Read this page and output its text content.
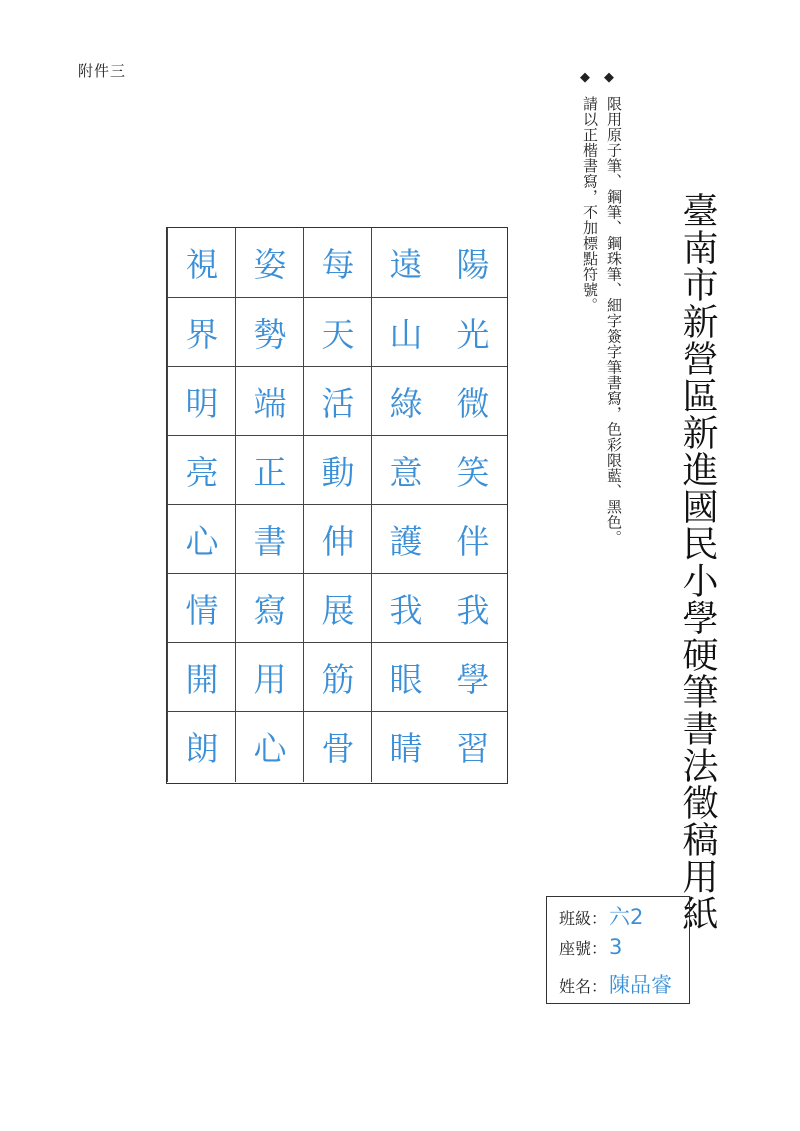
附件三	◆
◆
限用原子筆、鋼筆、鋼珠筆、細字簽字筆書寫，色彩限藍、黑色。
請以正楷書寫，不加標點符號。 臺南市新營區新進國民小學硬筆書法徵稿用紙
陽
光
微
笑
伴
我
學
習
遠
山
綠
意
護
我
眼
睛
每
天
活
動
伸
展
筋
骨
姿
勢
端
正
書
寫
用
心
視
界
明
亮
心
情
開
朗
班級：六2
座號：3
姓名：陳品睿
